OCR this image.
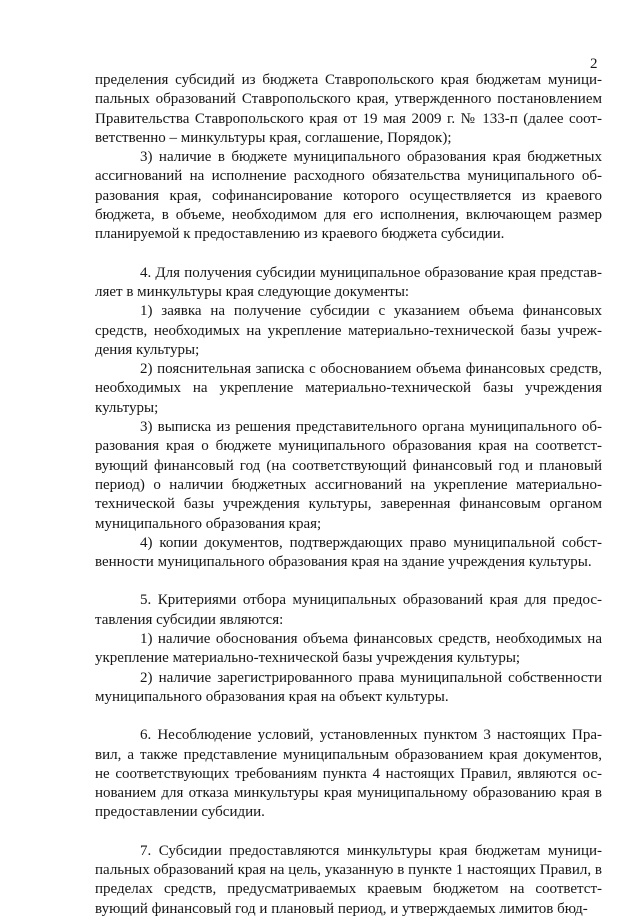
2

пределения субсидий из бюджета Ставропольского края бюджетам муниципальных образований Ставропольского края, утвержденного постановлением Правительства Ставропольского края от 19 мая 2009 г. № 133-п (далее соответственно – минкультуры края, соглашение, Порядок);

3) наличие в бюджете муниципального образования края бюджетных ассигнований на исполнение расходного обязательства муниципального образования края, софинансирование которого осуществляется из краевого бюджета, в объеме, необходимом для его исполнения, включающем размер планируемой к предоставлению из краевого бюджета субсидии.

4. Для получения субсидии муниципальное образование края представляет в минкультуры края следующие документы:

1) заявка на получение субсидии с указанием объема финансовых средств, необходимых на укрепление материально-технической базы учреждения культуры;

2) пояснительная записка с обоснованием объема финансовых средств, необходимых на укрепление материально-технической базы учреждения культуры;

3) выписка из решения представительного органа муниципального образования края о бюджете муниципального образования края на соответствующий финансовый год (на соответствующий финансовый год и плановый период) о наличии бюджетных ассигнований на укрепление материально-технической базы учреждения культуры, заверенная финансовым органом муниципального образования края;

4) копии документов, подтверждающих право муниципальной собственности муниципального образования края на здание учреждения культуры.

5. Критериями отбора муниципальных образований края для предоставления субсидии являются:

1) наличие обоснования объема финансовых средств, необходимых на укрепление материально-технической базы учреждения культуры;

2) наличие зарегистрированного права муниципальной собственности муниципального образования края на объект культуры.

6. Несоблюдение условий, установленных пунктом 3 настоящих Правил, а также представление муниципальным образованием края документов, не соответствующих требованиям пункта 4 настоящих Правил, являются основанием для отказа минкультуры края муниципальному образованию края в предоставлении субсидии.

7. Субсидии предоставляются минкультуры края бюджетам муниципальных образований края на цель, указанную в пункте 1 настоящих Правил, в пределах средств, предусматриваемых краевым бюджетом на соответствующий финансовый год и плановый период, и утверждаемых лимитов бюд-
